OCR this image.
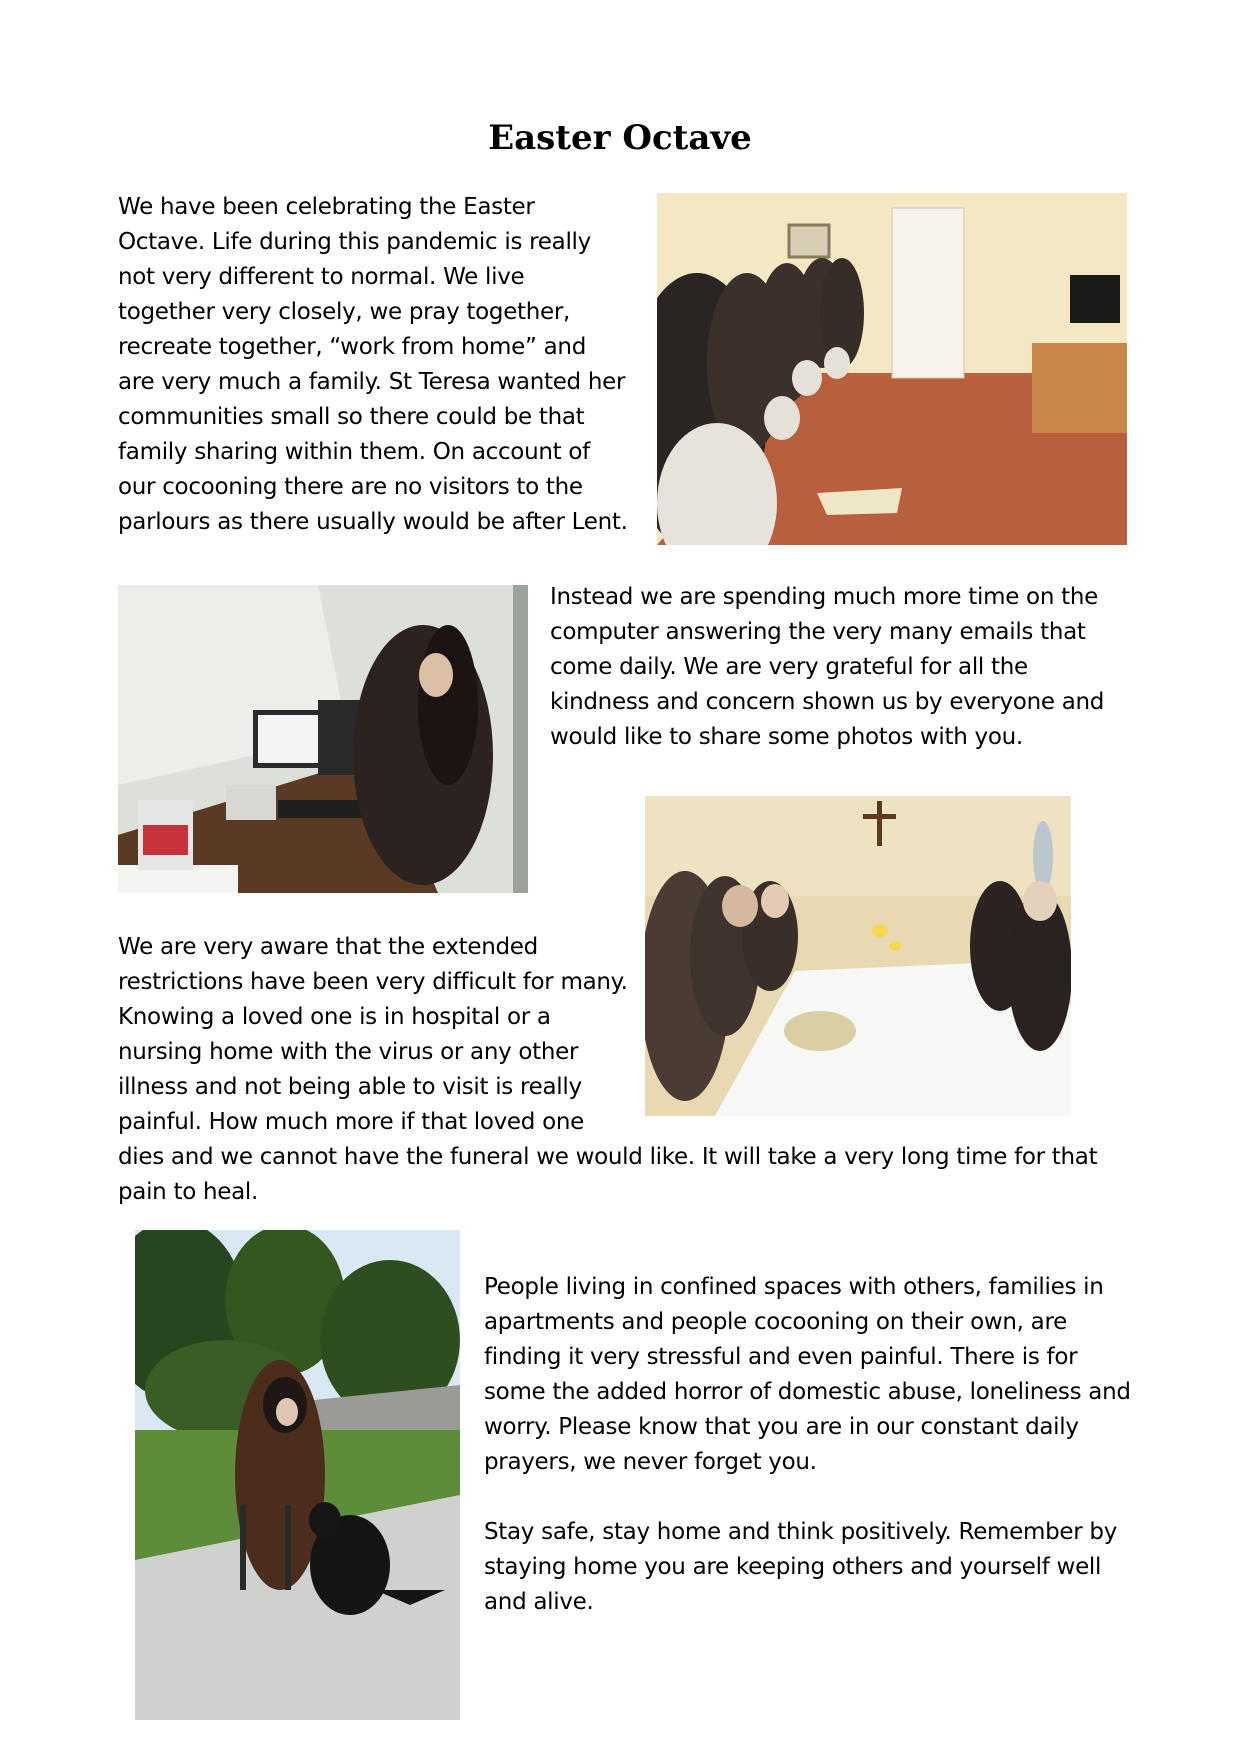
Easter Octave

We have been celebrating the Easter Octave. Life during this pandemic is really not very different to normal. We live together very closely, we pray together, recreate together, “work from home” and are very much a family. St Teresa wanted her communities small so there could be that family sharing within them. On account of our cocooning there are no visitors to the parlours as there usually would be after Lent.

Instead we are spending much more time on the computer answering the very many emails that come daily. We are very grateful for all the kindness and concern shown us by everyone and would like to share some photos with you.

We are very aware that the extended restrictions have been very difficult for many. Knowing a loved one is in hospital or a nursing home with the virus or any other illness and not being able to visit is really painful. How much more if that loved one dies and we cannot have the funeral we would like. It will take a very long time for that pain to heal.

People living in confined spaces with others, families in apartments and people cocooning on their own, are finding it very stressful and even painful. There is for some the added horror of domestic abuse, loneliness and worry. Please know that you are in our constant daily prayers, we never forget you.

Stay safe, stay home and think positively. Remember by staying home you are keeping others and yourself well and alive.
